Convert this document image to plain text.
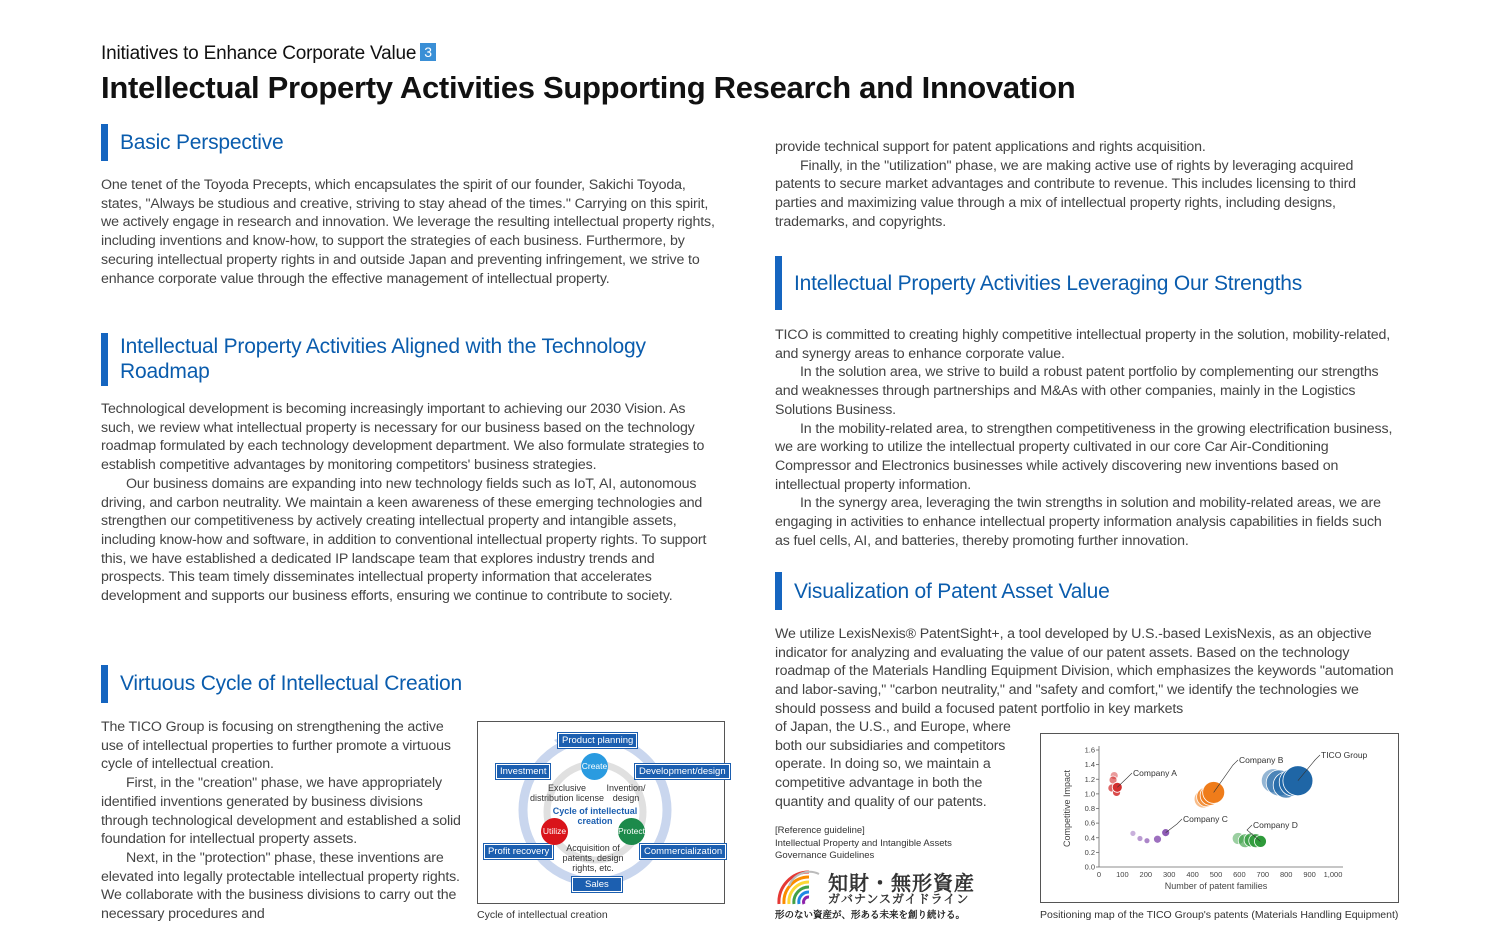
Initiatives to Enhance Corporate Value 3
Intellectual Property Activities Supporting Research and Innovation
Basic Perspective
One tenet of the Toyoda Precepts, which encapsulates the spirit of our founder, Sakichi Toyoda, states, "Always be studious and creative, striving to stay ahead of the times." Carrying on this spirit, we actively engage in research and innovation. We leverage the resulting intellectual property rights, including inventions and know-how, to support the strategies of each business. Furthermore, by securing intellectual property rights in and outside Japan and preventing infringement, we strive to enhance corporate value through the effective management of intellectual property.
Intellectual Property Activities Aligned with the Technology Roadmap
Technological development is becoming increasingly important to achieving our 2030 Vision. As such, we review what intellectual property is necessary for our business based on the technology roadmap formulated by each technology development department. We also formulate strategies to establish competitive advantages by monitoring competitors' business strategies.
Our business domains are expanding into new technology fields such as IoT, AI, autonomous driving, and carbon neutrality. We maintain a keen awareness of these emerging technologies and strengthen our competitiveness by actively creating intellectual property and intangible assets, including know-how and software, in addition to conventional intellectual property rights. To support this, we have established a dedicated IP landscape team that explores industry trends and prospects. This team timely disseminates intellectual property information that accelerates development and supports our business efforts, ensuring we continue to contribute to society.
Virtuous Cycle of Intellectual Creation
The TICO Group is focusing on strengthening the active use of intellectual properties to further promote a virtuous cycle of intellectual creation.
First, in the "creation" phase, we have appropriately identified inventions generated by business divisions through technological development and established a solid foundation for intellectual property assets.
Next, in the "protection" phase, these inventions are elevated into legally protectable intellectual property rights. We collaborate with the business divisions to carry out the necessary procedures and
Product planning
Development/design
Commercialization
Sales
Profit recovery
Investment	Create
Protect
Utilize
Exclusive distribution license
Invention/ design
Cycle of intellectual
creation
Acquisition of patents, design rights, etc.
Cycle of intellectual creation
provide technical support for patent applications and rights acquisition.
Finally, in the "utilization" phase, we are making active use of rights by leveraging acquired patents to secure market advantages and contribute to revenue. This includes licensing to third parties and maximizing value through a mix of intellectual property rights, including designs, trademarks, and copyrights.
Intellectual Property Activities Leveraging Our Strengths
TICO is committed to creating highly competitive intellectual property in the solution, mobility-related, and synergy areas to enhance corporate value.
In the solution area, we strive to build a robust patent portfolio by complementing our strengths and weaknesses through partnerships and M&As with other companies, mainly in the Logistics Solutions Business.
In the mobility-related area, to strengthen competitiveness in the growing electrification business, we are working to utilize the intellectual property cultivated in our core Car Air-Conditioning Compressor and Electronics businesses while actively discovering new inventions based on intellectual property information.
In the synergy area, leveraging the twin strengths in solution and mobility-related areas, we are engaging in activities to enhance intellectual property information analysis capabilities in fields such as fuel cells, AI, and batteries, thereby promoting further innovation.
Visualization of Patent Asset Value
We utilize LexisNexis® PatentSight+, a tool developed by U.S.-based LexisNexis, as an objective indicator for analyzing and evaluating the value of our patent assets. Based on the technology roadmap of the Materials Handling Equipment Division, which emphasizes the keywords "automation and labor-saving," "carbon neutrality," and "safety and comfort," we identify the technologies we should possess and build a focused patent portfolio in key markets
of Japan, the U.S., and Europe, where both our subsidiaries and competitors operate. In doing so, we maintain a competitive advantage in both the quantity and quality of our patents.
[Reference guideline]
Intellectual Property and Intangible Assets
Governance Guidelines
知財・無形資産
ガバナンスガイドライン
形のない資産が、形ある未来を創り続ける。
0 100 200 300 400 500 600 700 800 900 1,000
0.0
0.2
0.4
0.6
0.8
1.0
1.2
1.4
1.6
Number of patent families
Competitive Impact	Company A
Company B
Company C
Company D
TICO Group
Positioning map of the TICO Group's patents (Materials Handling Equipment)
